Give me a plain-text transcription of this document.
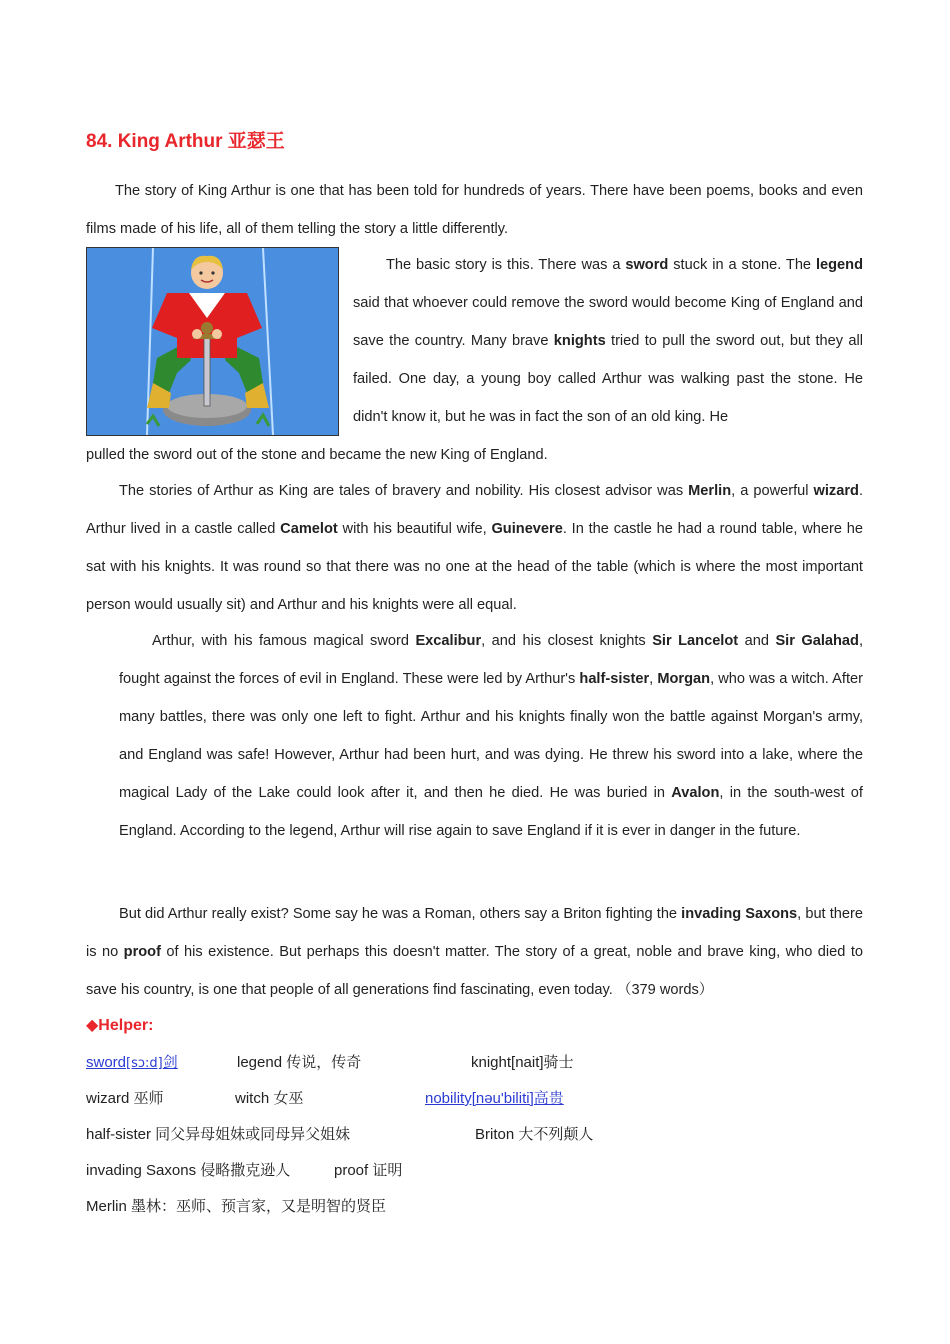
84. King Arthur 亚瑟王

The story of King Arthur is one that has been told for hundreds of years. There have been poems, books and even films made of his life, all of them telling the story a little differently.

The basic story is this. There was a sword stuck in a stone. The legend said that whoever could remove the sword would become King of England and save the country. Many brave knights tried to pull the sword out, but they all failed. One day, a young boy called Arthur was walking past the stone. He didn't know it, but he was in fact the son of an old king. He

pulled the sword out of the stone and became the new King of England.

The stories of Arthur as King are tales of bravery and nobility. His closest advisor was Merlin, a powerful wizard. Arthur lived in a castle called Camelot with his beautiful wife, Guinevere. In the castle he had a round table, where he sat with his knights. It was round so that there was no one at the head of the table (which is where the most important person would usually sit) and Arthur and his knights were all equal.

Arthur, with his famous magical sword Excalibur, and his closest knights Sir Lancelot and Sir Galahad, fought against the forces of evil in England. These were led by Arthur's half-sister, Morgan, who was a witch. After many battles, there was only one left to fight. Arthur and his knights finally won the battle against Morgan's army, and England was safe! However, Arthur had been hurt, and was dying. He threw his sword into a lake, where the magical Lady of the Lake could look after it, and then he died. He was buried in Avalon, in the south-west of England. According to the legend, Arthur will rise again to save England if it is ever in danger in the future.

But did Arthur really exist? Some say he was a Roman, others say a Briton fighting the invading Saxons, but there is no proof of his existence. But perhaps this doesn't matter. The story of a great, noble and brave king, who died to save his country, is one that people of all generations find fascinating, even today. （379 words）

◆Helper:
sword[sɔ:d]剑	legend 传说，传奇	knight[nait]骑士
wizard 巫师	witch 女巫	nobility[nəu'biliti]高贵
half-sister 同父异母姐妹或同母异父姐妹	Briton 大不列颠人
invading Saxons 侵略撒克逊人	proof 证明
Merlin 墨林：巫师、预言家，又是明智的贤臣
